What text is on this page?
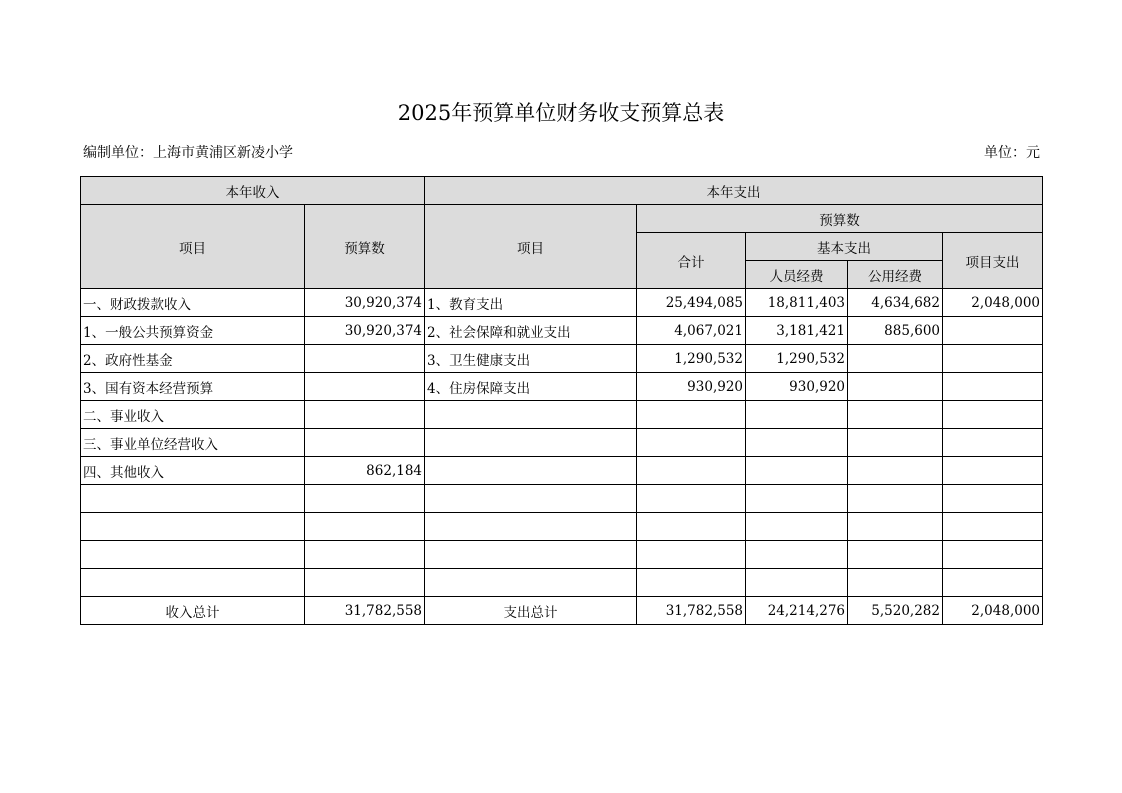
2025年预算单位财务收支预算总表
编制单位：上海市黄浦区新凌小学	单位：元
本年收入		本年支出				
项目	预算数	项目	预算数			
			合计	基本支出		项目支出
				人员经费	公用经费	
一、财政拨款收入	30,920,374	1、教育支出	25,494,085	18,811,403	4,634,682	2,048,000
1、一般公共预算资金	30,920,374	2、社会保障和就业支出	4,067,021	3,181,421	885,600	
2、政府性基金		3、卫生健康支出	1,290,532	1,290,532		
3、国有资本经营预算		4、住房保障支出	930,920	930,920		
二、事业收入						
三、事业单位经营收入						
四、其他收入	862,184					

收入总计	31,782,558	支出总计	31,782,558	24,214,276	5,520,282	2,048,000
